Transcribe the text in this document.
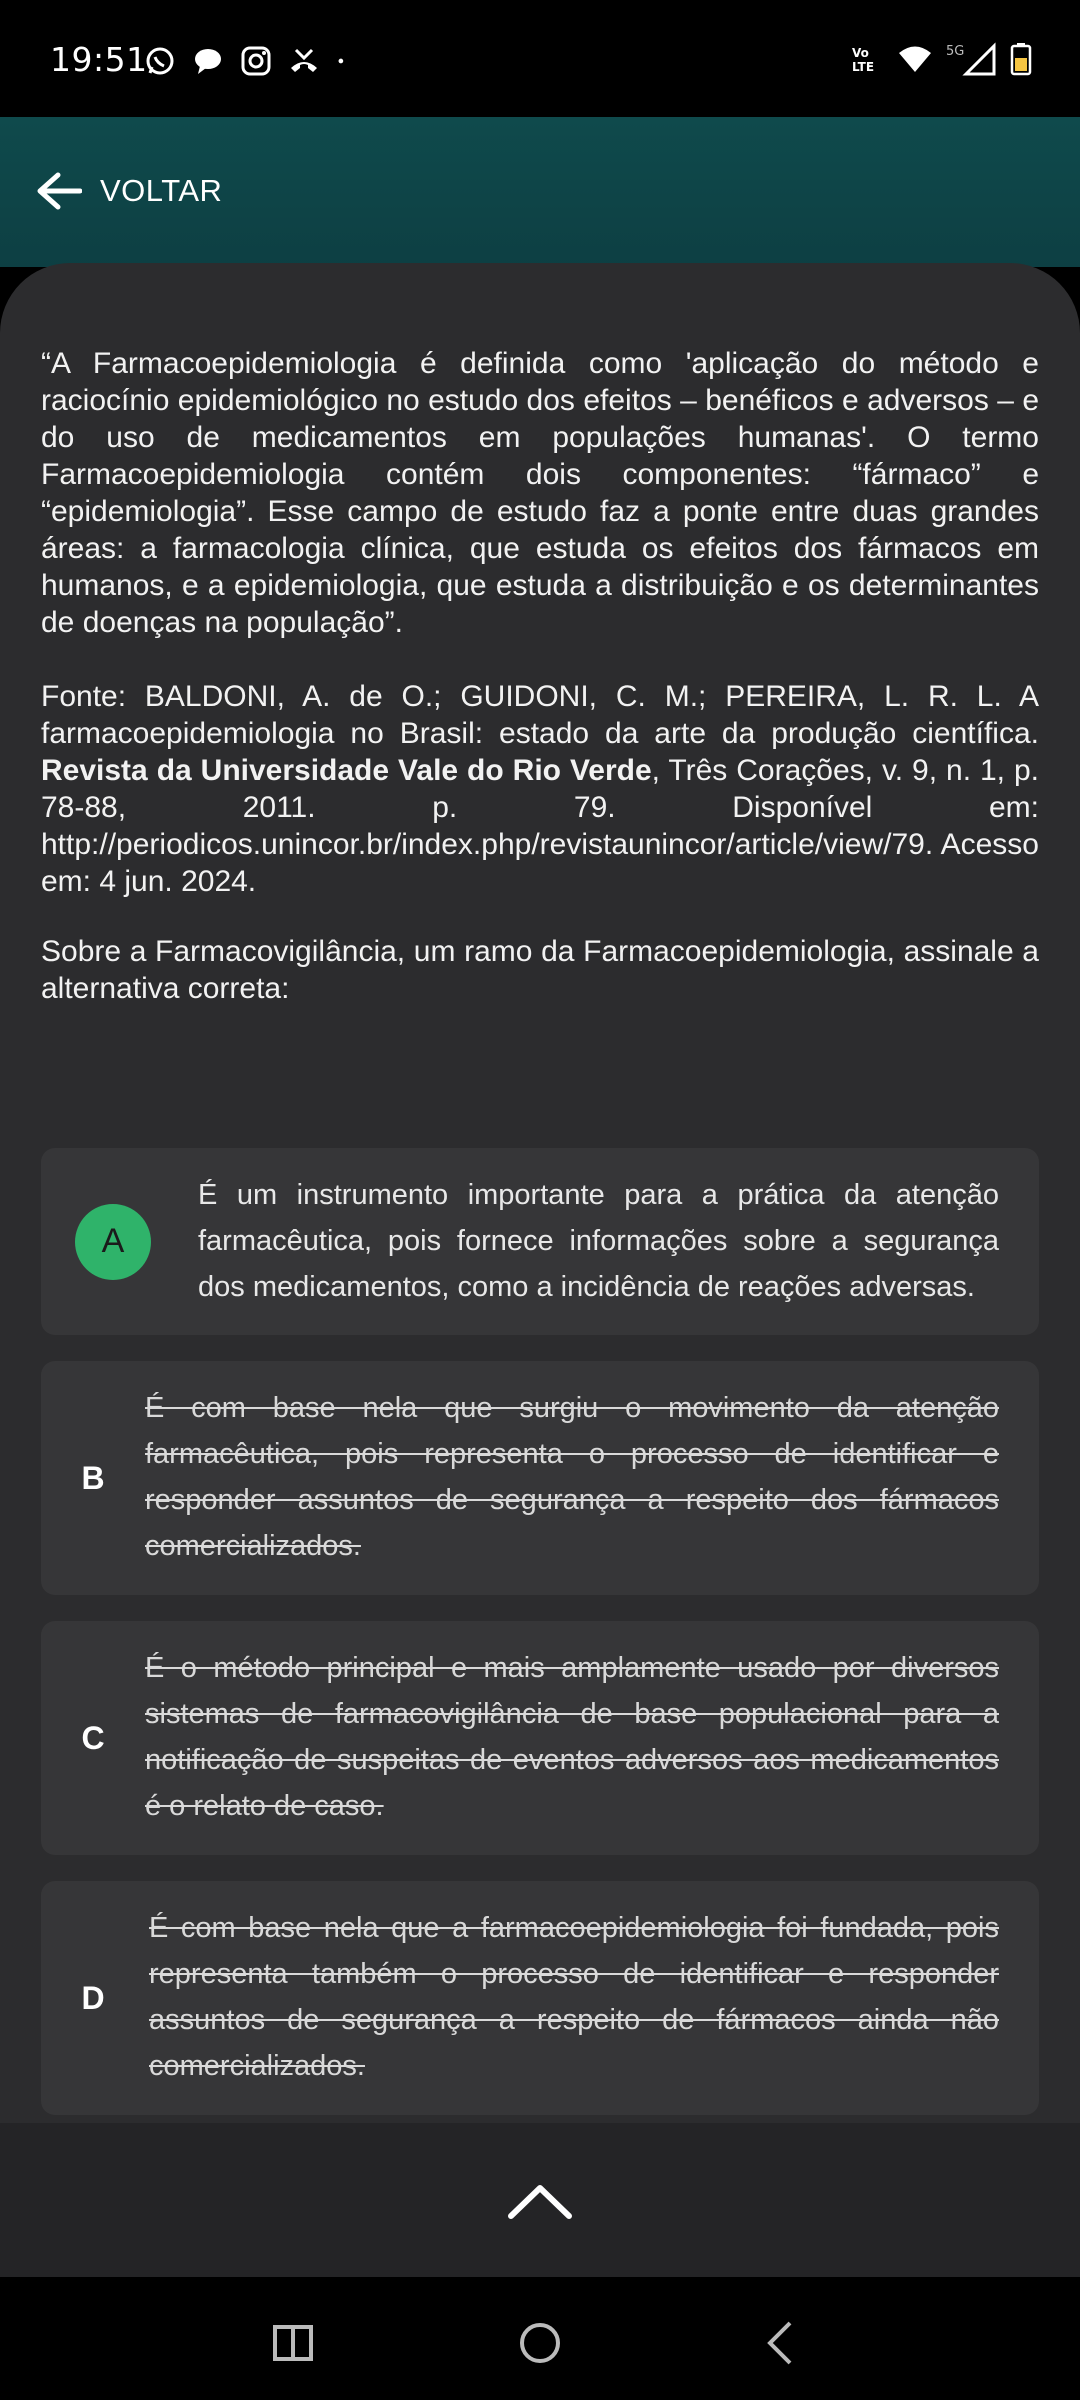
19:51	Vo
LTE
5G
VOLTAR

“A Farmacoepidemiologia é definida como 'aplicação do método e raciocínio epidemiológico no estudo dos efeitos – benéficos e adversos – e do uso de medicamentos em populações humanas'. O termo Farmacoepidemiologia contém dois componentes: “fármaco” e “epidemiologia”. Esse campo de estudo faz a ponte entre duas grandes áreas: a farmacologia clínica, que estuda os efeitos dos fármacos em humanos, e a epidemiologia, que estuda a distribuição e os determinantes de doenças na população”.

Fonte: BALDONI, A. de O.; GUIDONI, C. M.; PEREIRA, L. R. L. A farmacoepidemiologia no Brasil: estado da arte da produção científica. Revista da Universidade Vale do Rio Verde, Três Corações, v. 9, n. 1, p. 78-88, 2011. p. 79. Disponível em: http://periodicos.unincor.br/index.php/revistaunincor/article/view/79. Acesso em: 4 jun. 2024.

Sobre a Farmacovigilância, um ramo da Farmacoepidemiologia, assinale a alternativa correta:

A
É um instrumento importante para a prática da atenção farmacêutica, pois fornece informações sobre a segurança dos medicamentos, como a incidência de reações adversas.
B
É com base nela que surgiu o movimento da atenção farmacêutica, pois representa o processo de identificar e responder assuntos de segurança a respeito dos fármacos comercializados.
C
É o método principal e mais amplamente usado por diversos sistemas de farmacovigilância de base populacional para a notificação de suspeitas de eventos adversos aos medicamentos é o relato de caso.
D
É com base nela que a farmacoepidemiologia foi fundada, pois representa também o processo de identificar e responder assuntos de segurança a respeito de fármacos ainda não comercializados.
